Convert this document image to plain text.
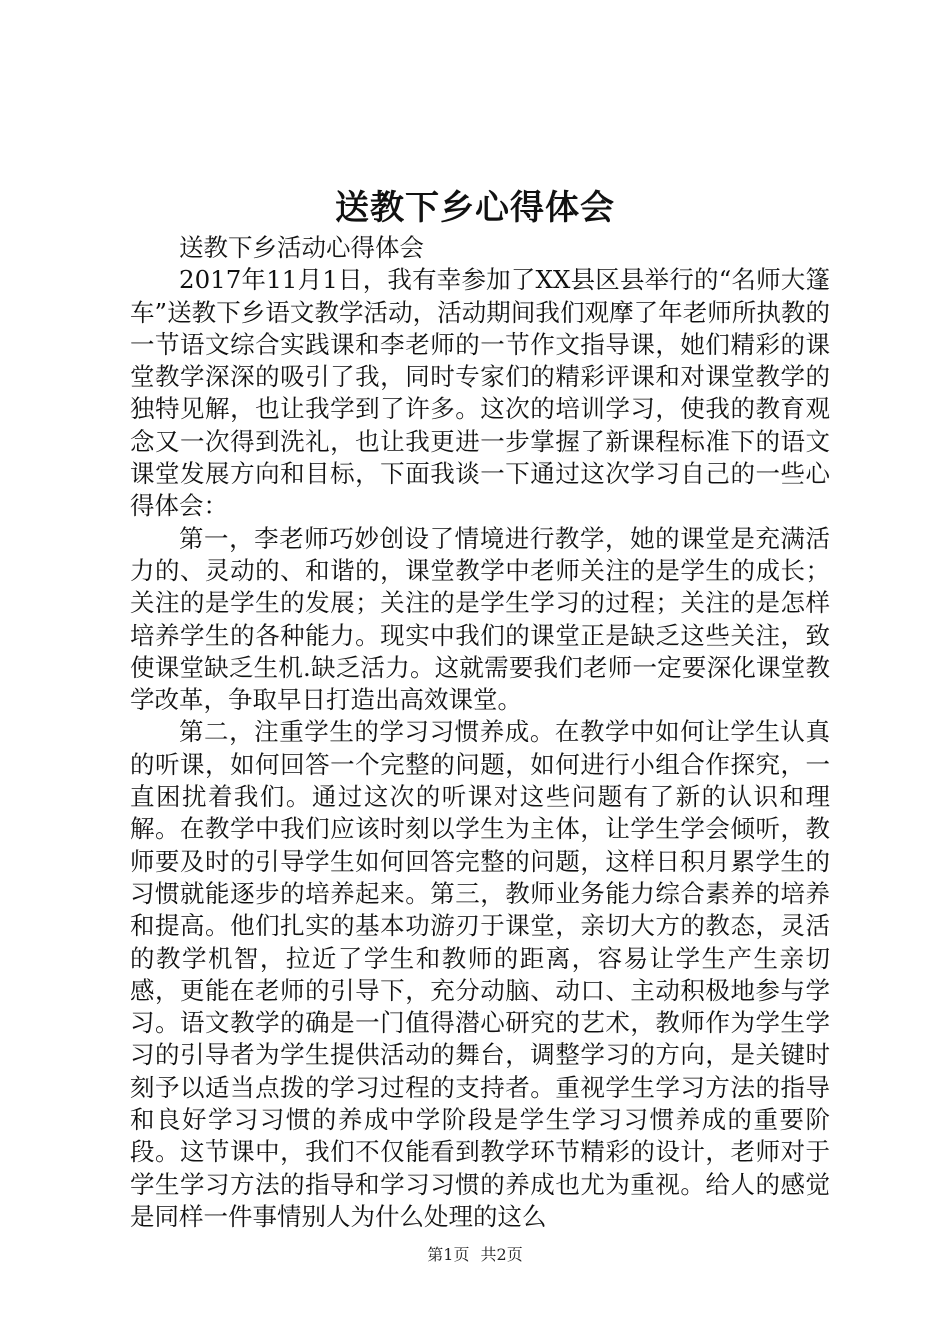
送教下乡心得体会

送教下乡活动心得体会

2017年11月1日，我有幸参加了XX县区县举行的“名师大篷车”送教下乡语文教学活动，活动期间我们观摩了年老师所执教的一节语文综合实践课和李老师的一节作文指导课，她们精彩的课堂教学深深的吸引了我，同时专家们的精彩评课和对课堂教学的独特见解，也让我学到了许多。这次的培训学习，使我的教育观念又一次得到洗礼，也让我更进一步掌握了新课程标准下的语文课堂发展方向和目标，下面我谈一下通过这次学习自己的一些心得体会：

第一，李老师巧妙创设了情境进行教学，她的课堂是充满活力的、灵动的、和谐的，课堂教学中老师关注的是学生的成长；关注的是学生的发展；关注的是学生学习的过程；关注的是怎样培养学生的各种能力。现实中我们的课堂正是缺乏这些关注，致使课堂缺乏生机.缺乏活力。这就需要我们老师一定要深化课堂教学改革，争取早日打造出高效课堂。

第二，注重学生的学习习惯养成。在教学中如何让学生认真的听课，如何回答一个完整的问题，如何进行小组合作探究，一直困扰着我们。通过这次的听课对这些问题有了新的认识和理解。在教学中我们应该时刻以学生为主体，让学生学会倾听，教师要及时的引导学生如何回答完整的问题，这样日积月累学生的习惯就能逐步的培养起来。第三，教师业务能力综合素养的培养和提高。他们扎实的基本功游刃于课堂，亲切大方的教态，灵活的教学机智，拉近了学生和教师的距离，容易让学生产生亲切感，更能在老师的引导下，充分动脑、动口、主动积极地参与学习。语文教学的确是一门值得潜心研究的艺术，教师作为学生学习的引导者为学生提供活动的舞台，调整学习的方向，是关键时刻予以适当点拨的学习过程的支持者。重视学生学习方法的指导和良好学习习惯的养成中学阶段是学生学习习惯养成的重要阶段。这节课中，我们不仅能看到教学环节精彩的设计，老师对于学生学习方法的指导和学习习惯的养成也尤为重视。给人的感觉是同样一件事情别人为什么处理的这么

第1页 共2页
